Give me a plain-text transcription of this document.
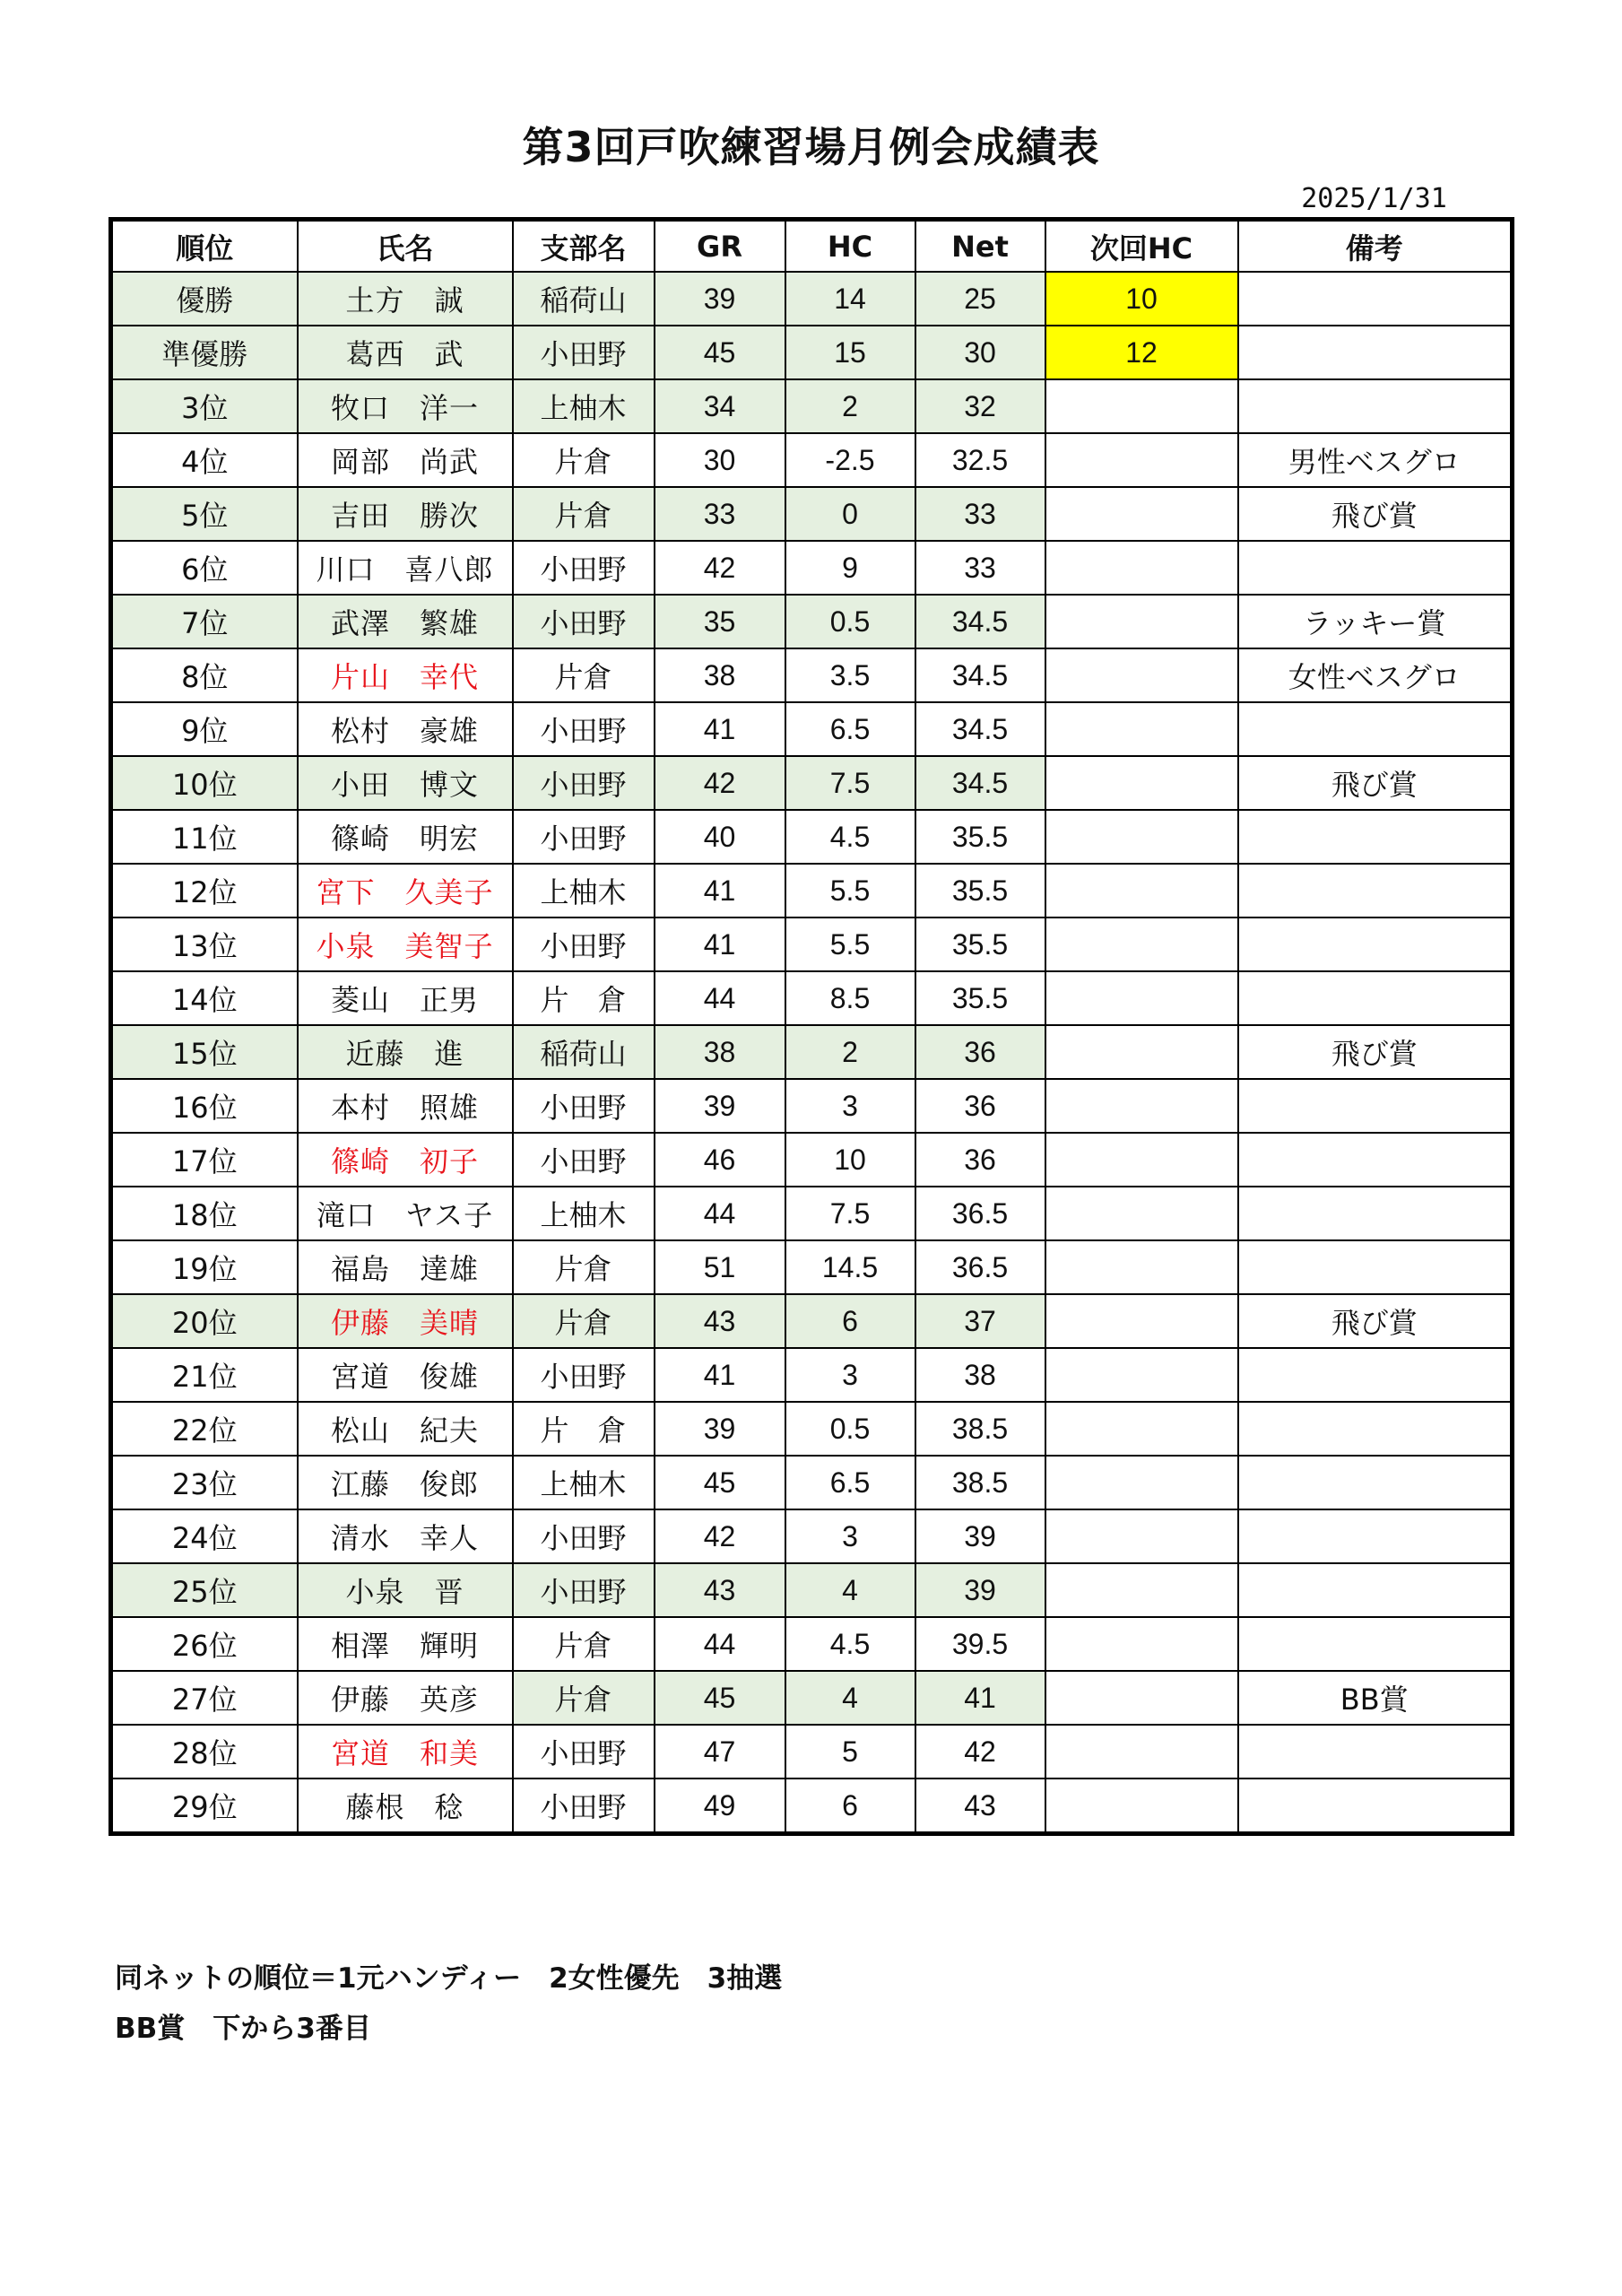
第3回戸吹練習場月例会成績表
2025/1/31
順位	氏名	支部名	GR	HC	Net	次回HC	備考
優勝	土方　誠	稲荷山	39	14	25	10	
準優勝	葛西　武	小田野	45	15	30	12	
3位	牧口　洋一	上柚木	34	2	32		
4位	岡部　尚武	片倉	30	-2.5	32.5		男性ベスグロ
5位	吉田　勝次	片倉	33	0	33		飛び賞
6位	川口　喜八郎	小田野	42	9	33		
7位	武澤　繁雄	小田野	35	0.5	34.5		ラッキー賞
8位	片山　幸代	片倉	38	3.5	34.5		女性ベスグロ
9位	松村　豪雄	小田野	41	6.5	34.5		
10位	小田　博文	小田野	42	7.5	34.5		飛び賞
11位	篠崎　明宏	小田野	40	4.5	35.5		
12位	宮下　久美子	上柚木	41	5.5	35.5		
13位	小泉　美智子	小田野	41	5.5	35.5		
14位	菱山　正男	片　倉	44	8.5	35.5		
15位	近藤　進	稲荷山	38	2	36		飛び賞
16位	本村　照雄	小田野	39	3	36		
17位	篠崎　初子	小田野	46	10	36		
18位	滝口　ヤス子	上柚木	44	7.5	36.5		
19位	福島　達雄	片倉	51	14.5	36.5		
20位	伊藤　美晴	片倉	43	6	37		飛び賞
21位	宮道　俊雄	小田野	41	3	38		
22位	松山　紀夫	片　倉	39	0.5	38.5		
23位	江藤　俊郎	上柚木	45	6.5	38.5		
24位	清水　幸人	小田野	42	3	39		
25位	小泉　晋	小田野	43	4	39		
26位	相澤　輝明	片倉	44	4.5	39.5		
27位	伊藤　英彦	片倉	45	4	41		BB賞
28位	宮道　和美	小田野	47	5	42		
29位	藤根　稔	小田野	49	6	43		
同ネットの順位＝1元ハンディー　2女性優先　3抽選
BB賞　下から3番目
